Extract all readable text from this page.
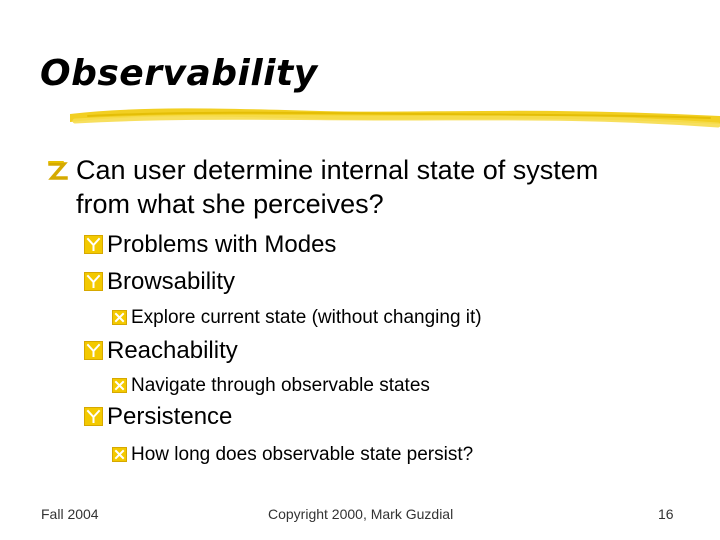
Observability
Can user determine internal state of system from what she perceives?
Problems with Modes
Browsability
Explore current state (without changing it)
Reachability
Navigate through observable states
Persistence
How long does observable state persist?
Fall 2004	Copyright 2000, Mark Guzdial	16
